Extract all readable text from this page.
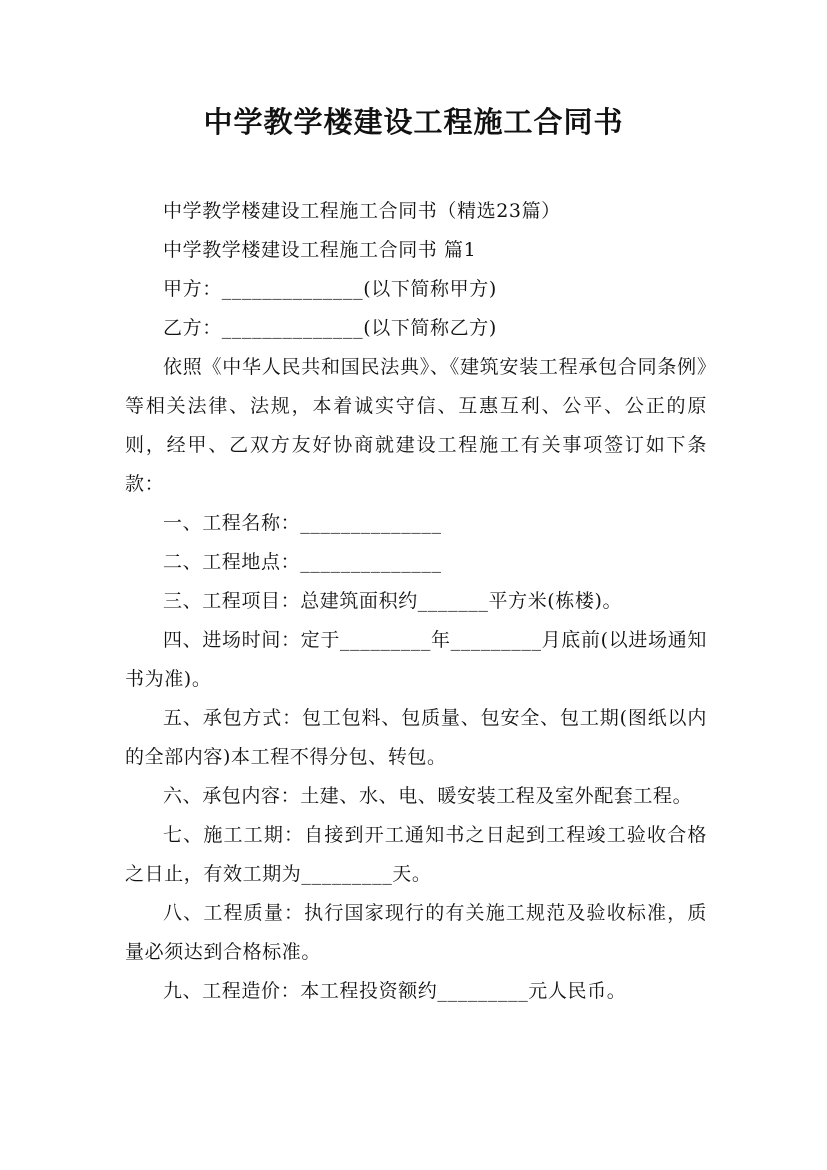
中学教学楼建设工程施工合同书

中学教学楼建设工程施工合同书（精选23篇）

中学教学楼建设工程施工合同书 篇1

甲方：______________(以下简称甲方)

乙方：______________(以下简称乙方)

依照《中华人民共和国民法典》、《建筑安装工程承包合同条例》等相关法律、法规，本着诚实守信、互惠互利、公平、公正的原则，经甲、乙双方友好协商就建设工程施工有关事项签订如下条款：

一、工程名称：______________

二、工程地点：______________

三、工程项目：总建筑面积约_______平方米(栋楼)。

四、进场时间：定于_________年_________月底前(以进场通知书为准)。

五、承包方式：包工包料、包质量、包安全、包工期(图纸以内的全部内容)本工程不得分包、转包。

六、承包内容：土建、水、电、暖安装工程及室外配套工程。

七、施工工期：自接到开工通知书之日起到工程竣工验收合格之日止，有效工期为_________天。

八、工程质量：执行国家现行的有关施工规范及验收标准，质量必须达到合格标准。

九、工程造价：本工程投资额约_________元人民币。
